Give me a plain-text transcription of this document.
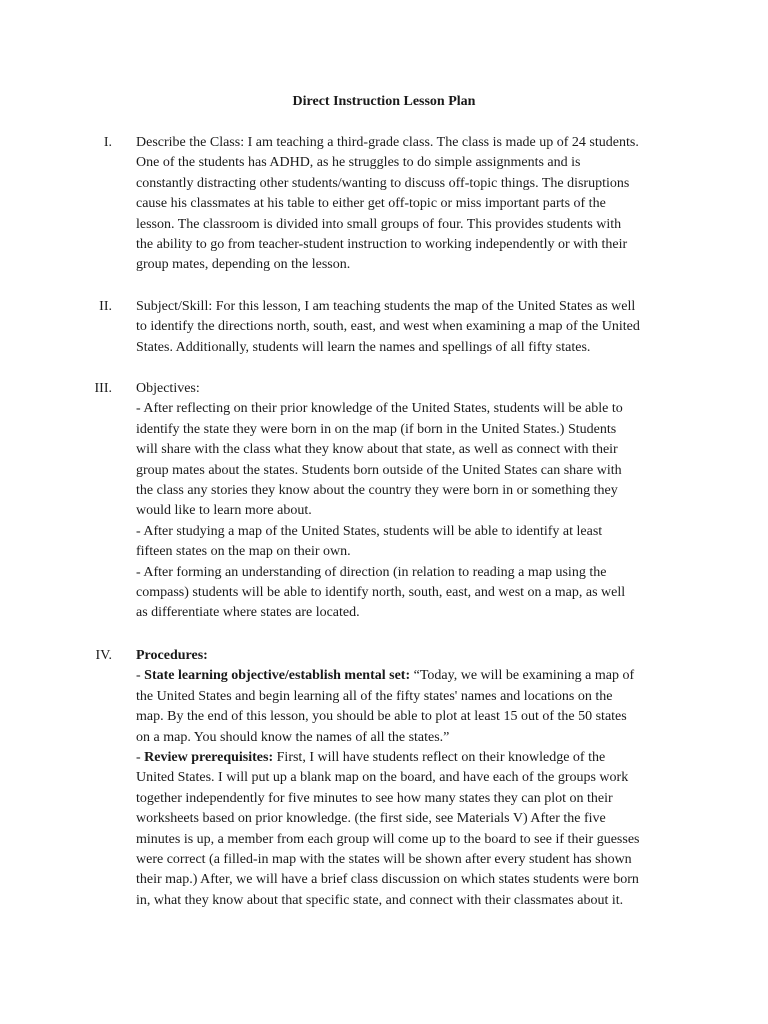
Direct Instruction Lesson Plan
I. Describe the Class: I am teaching a third-grade class. The class is made up of 24 students.
One of the students has ADHD, as he struggles to do simple assignments and is
constantly distracting other students/wanting to discuss off-topic things. The disruptions
cause his classmates at his table to either get off-topic or miss important parts of the
lesson. The classroom is divided into small groups of four. This provides students with
the ability to go from teacher-student instruction to working independently or with their
group mates, depending on the lesson.
II. Subject/Skill: For this lesson, I am teaching students the map of the United States as well
to identify the directions north, south, east, and west when examining a map of the United
States. Additionally, students will learn the names and spellings of all fifty states.
III. Objectives:
- After reflecting on their prior knowledge of the United States, students will be able to
identify the state they were born in on the map (if born in the United States.) Students
will share with the class what they know about that state, as well as connect with their
group mates about the states. Students born outside of the United States can share with
the class any stories they know about the country they were born in or something they
would like to learn more about.
- After studying a map of the United States, students will be able to identify at least
fifteen states on the map on their own.
- After forming an understanding of direction (in relation to reading a map using the
compass) students will be able to identify north, south, east, and west on a map, as well
as differentiate where states are located.
IV. Procedures:
- State learning objective/establish mental set: “Today, we will be examining a map of
the United States and begin learning all of the fifty states' names and locations on the
map. By the end of this lesson, you should be able to plot at least 15 out of the 50 states
on a map. You should know the names of all the states.”
- Review prerequisites: First, I will have students reflect on their knowledge of the
United States. I will put up a blank map on the board, and have each of the groups work
together independently for five minutes to see how many states they can plot on their
worksheets based on prior knowledge. (the first side, see Materials V) After the five
minutes is up, a member from each group will come up to the board to see if their guesses
were correct (a filled-in map with the states will be shown after every student has shown
their map.) After, we will have a brief class discussion on which states students were born
in, what they know about that specific state, and connect with their classmates about it.
